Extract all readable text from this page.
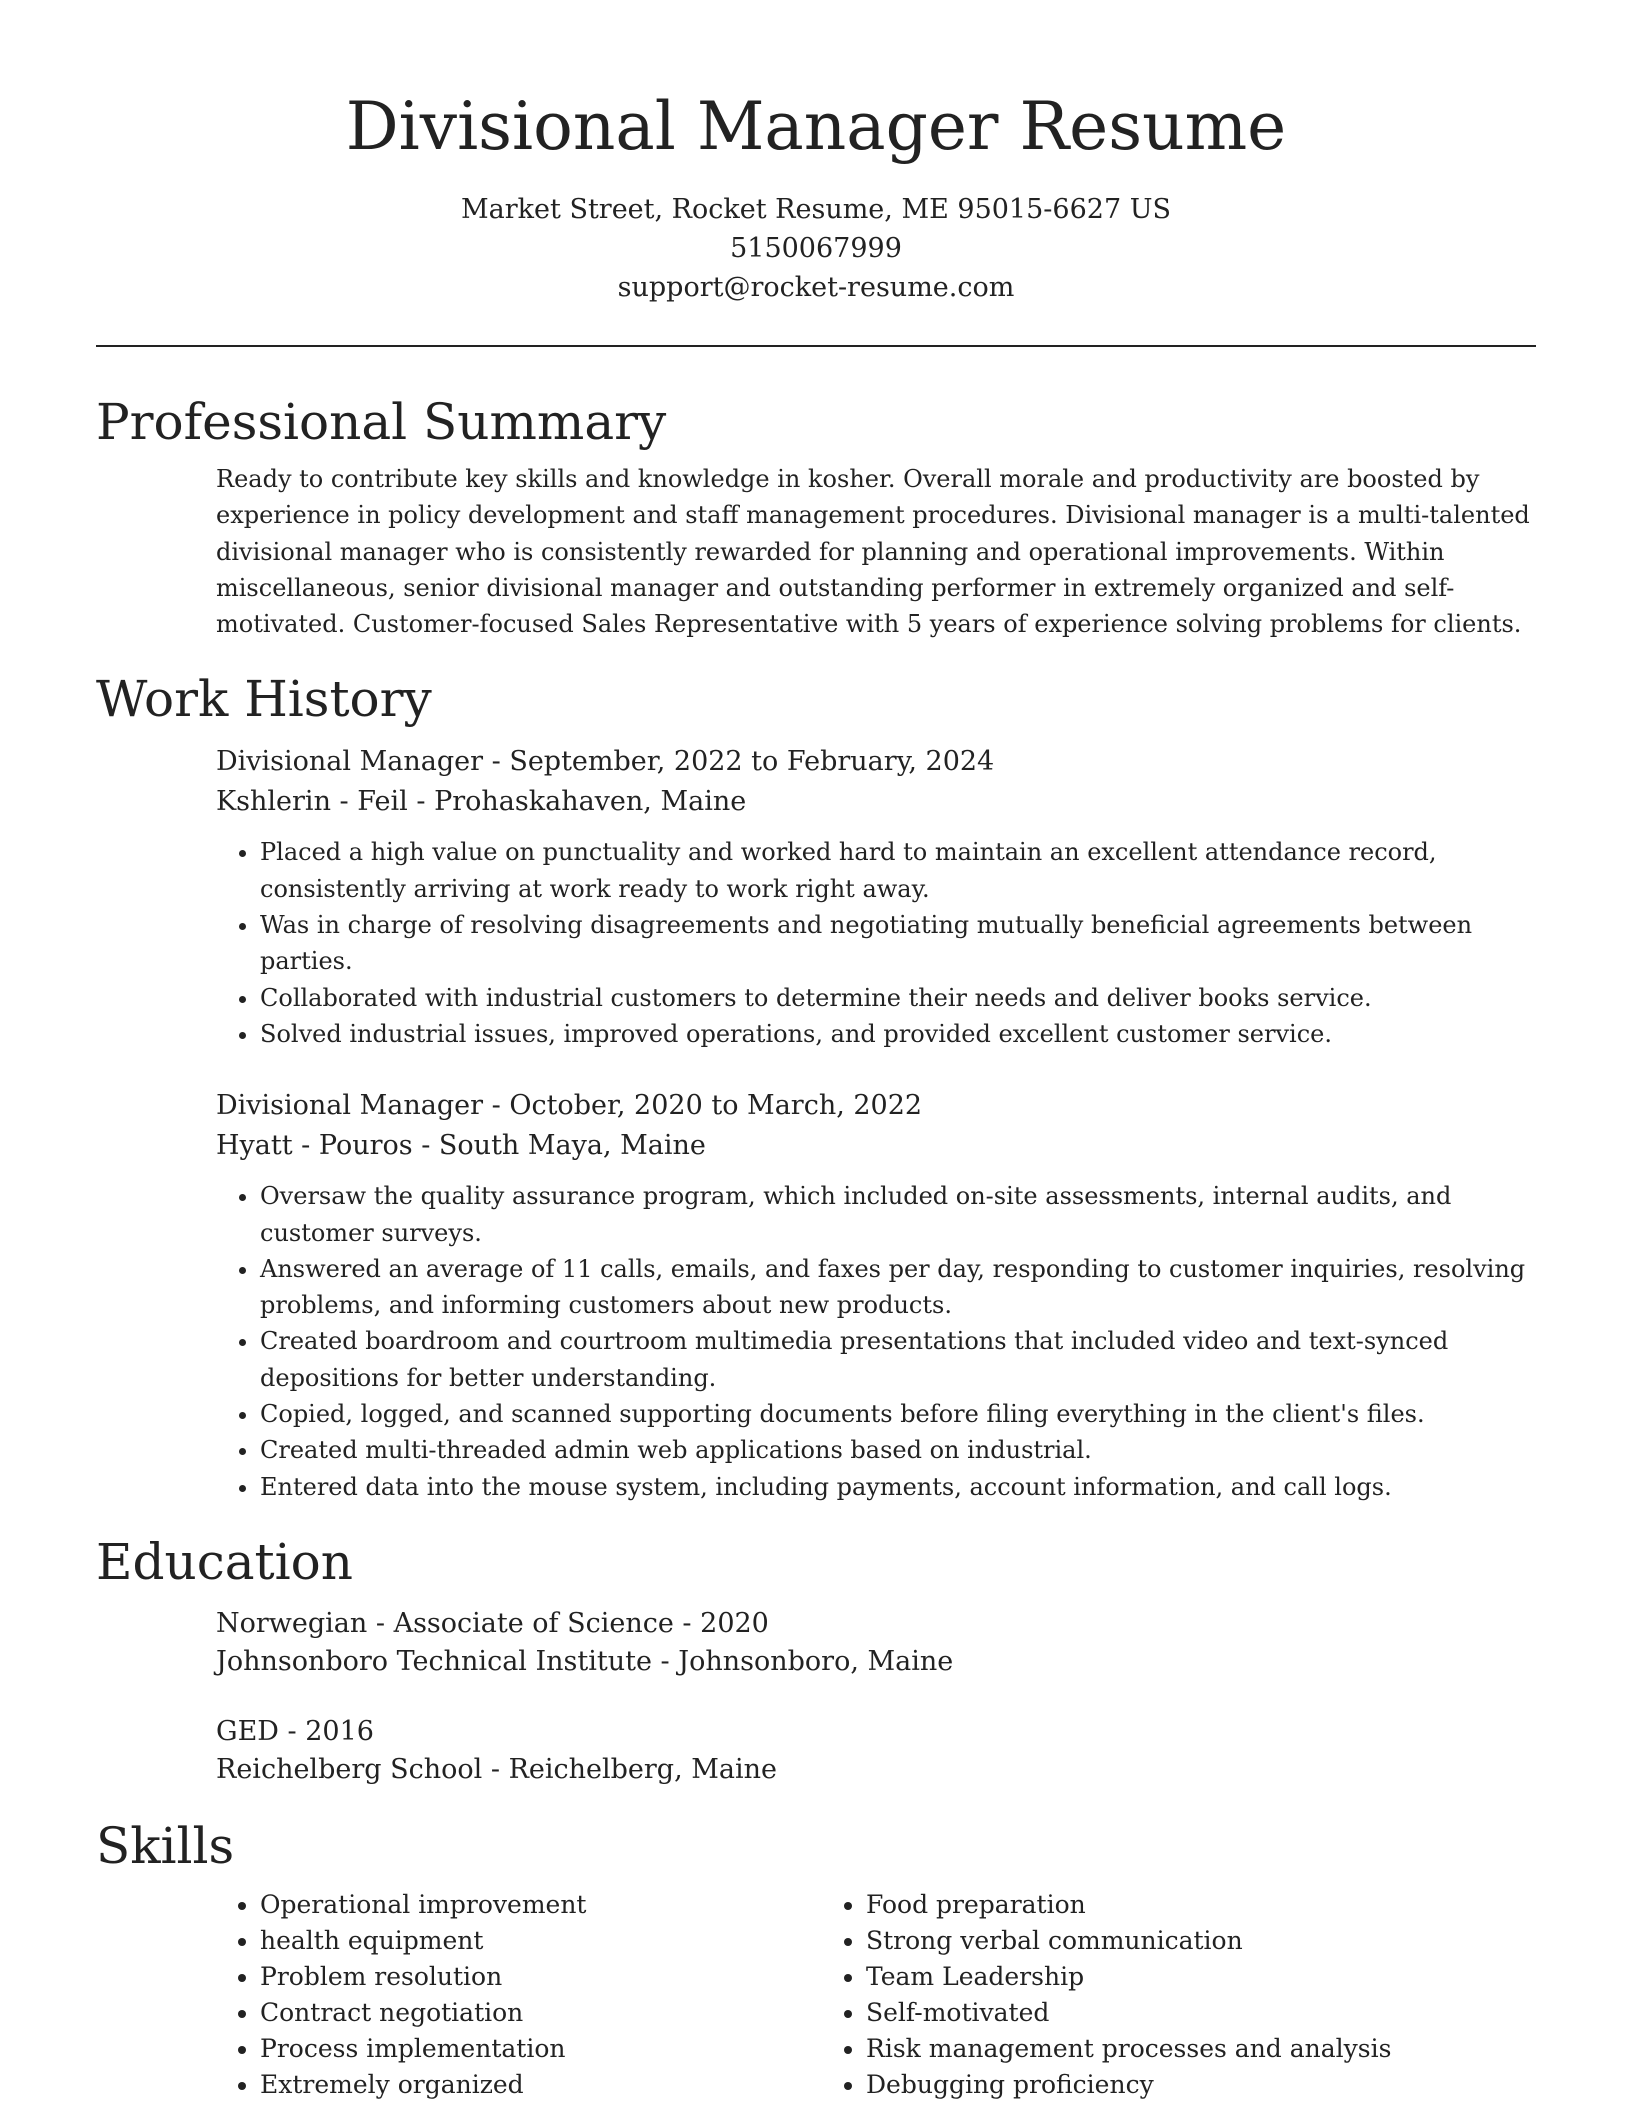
Divisional Manager Resume
Market Street, Rocket Resume, ME 95015-6627 US
5150067999
support@rocket-resume.com
Professional Summary

Ready to contribute key skills and knowledge in kosher. Overall morale and productivity are boosted by experience in policy development and staff management procedures. Divisional manager is a multi-talented divisional manager who is consistently rewarded for planning and operational improvements. Within miscellaneous, senior divisional manager and outstanding performer in extremely organized and self-motivated. Customer-focused Sales Representative with 5 years of experience solving problems for clients.

Work History
Divisional Manager - September, 2022 to February, 2024
Kshlerin - Feil - Prohaskahaven, Maine
• Placed a high value on punctuality and worked hard to maintain an excellent attendance record, consistently arriving at work ready to work right away.
• Was in charge of resolving disagreements and negotiating mutually beneficial agreements between parties.
• Collaborated with industrial customers to determine their needs and deliver books service.
• Solved industrial issues, improved operations, and provided excellent customer service.
Divisional Manager - October, 2020 to March, 2022
Hyatt - Pouros - South Maya, Maine
• Oversaw the quality assurance program, which included on-site assessments, internal audits, and customer surveys.
• Answered an average of 11 calls, emails, and faxes per day, responding to customer inquiries, resolving problems, and informing customers about new products.
• Created boardroom and courtroom multimedia presentations that included video and text-synced depositions for better understanding.
• Copied, logged, and scanned supporting documents before filing everything in the client's files.
• Created multi-threaded admin web applications based on industrial.
• Entered data into the mouse system, including payments, account information, and call logs.
Education
Norwegian - Associate of Science - 2020
Johnsonboro Technical Institute - Johnsonboro, Maine
GED - 2016
Reichelberg School - Reichelberg, Maine
Skills
• Operational improvement
• health equipment
• Problem resolution
• Contract negotiation
• Process implementation
• Extremely organized
• Food preparation
• Strong verbal communication
• Team Leadership
• Self-motivated
• Risk management processes and analysis
• Debugging proficiency
